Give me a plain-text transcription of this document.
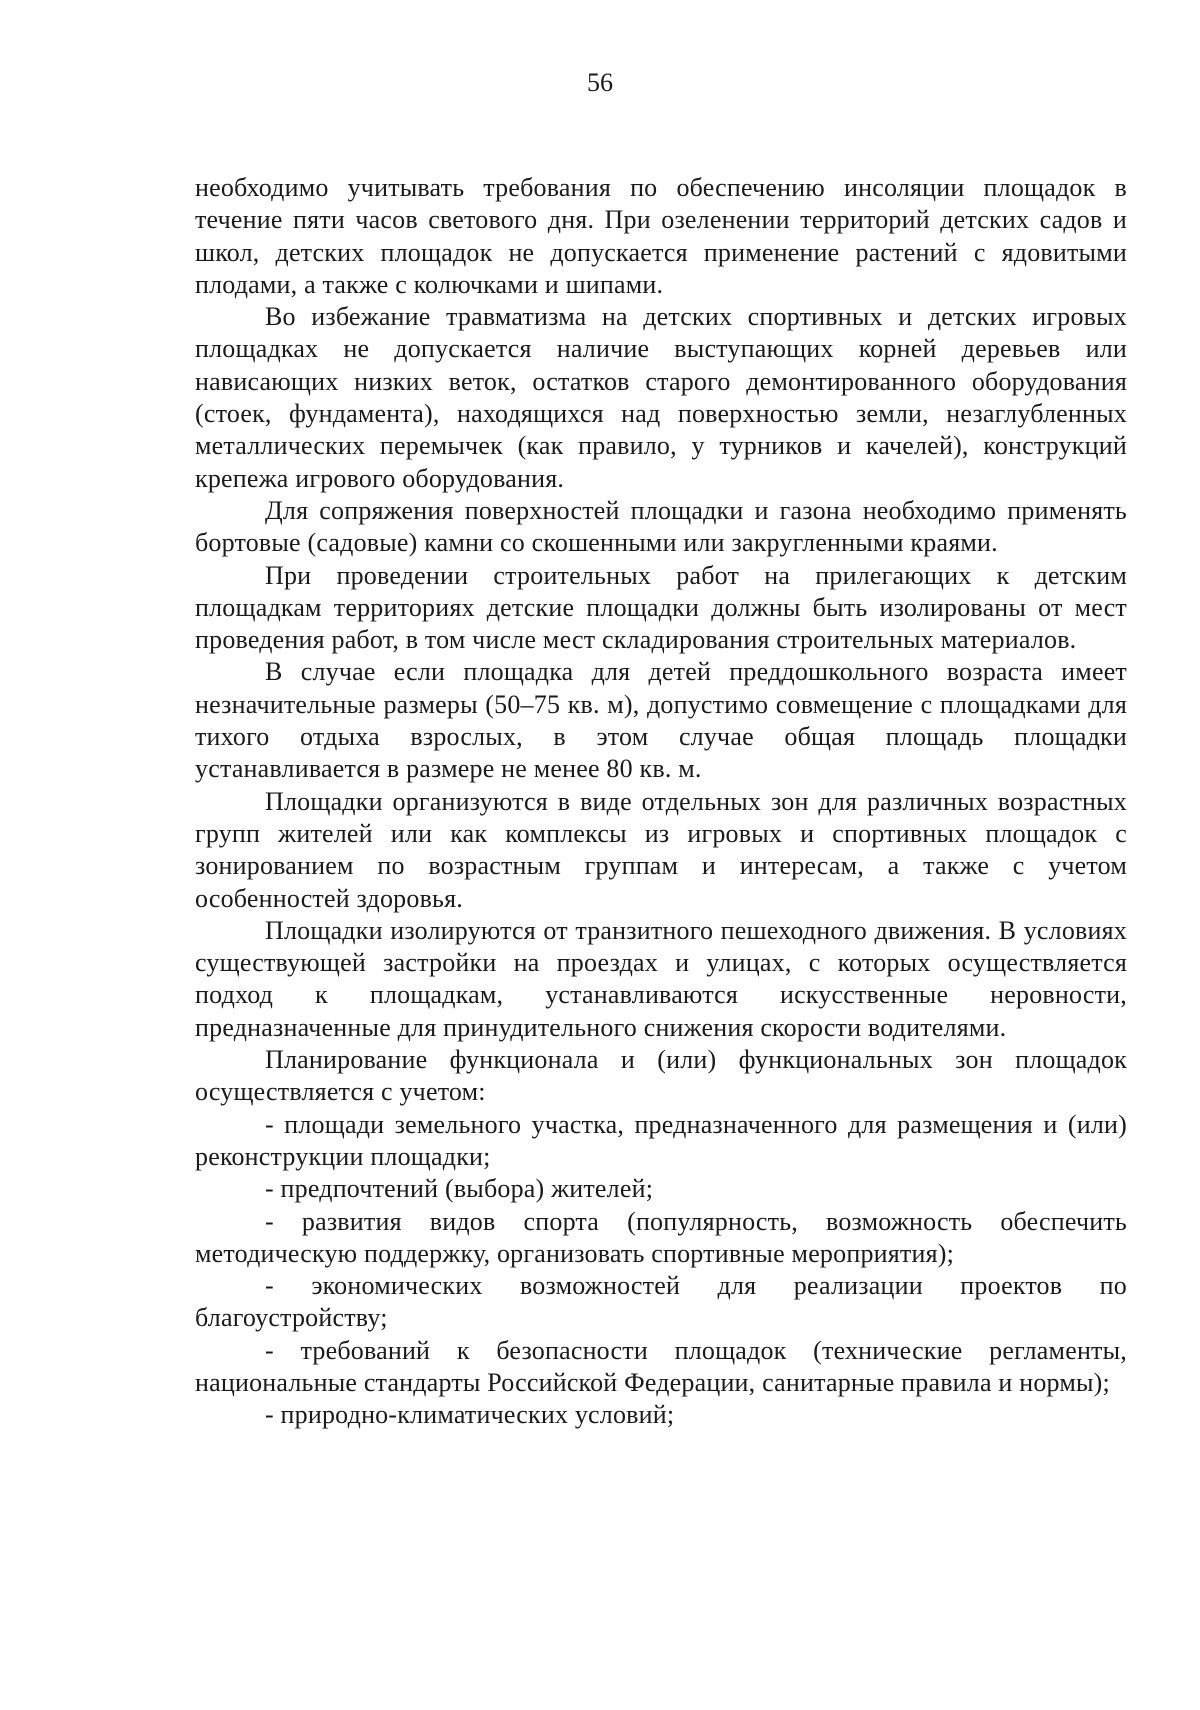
56

необходимо учитывать требования по обеспечению инсоляции площадок в течение пяти часов светового дня. При озеленении территорий детских садов и школ, детских площадок не допускается применение растений с ядовитыми плодами, а также с колючками и шипами.

Во избежание травматизма на детских спортивных и детских игровых площадках не допускается наличие выступающих корней деревьев или нависающих низких веток, остатков старого демонтированного оборудования (стоек, фундамента), находящихся над поверхностью земли, незаглубленных металлических перемычек (как правило, у турников и качелей), конструкций крепежа игрового оборудования.

Для сопряжения поверхностей площадки и газона необходимо применять бортовые (садовые) камни со скошенными или закругленными краями.

При проведении строительных работ на прилегающих к детским площадкам территориях детские площадки должны быть изолированы от мест проведения работ, в том числе мест складирования строительных материалов.

В случае если площадка для детей преддошкольного возраста имеет незначительные размеры (50–75 кв. м), допустимо совмещение с площадками для тихого отдыха взрослых, в этом случае общая площадь площадки устанавливается в размере не менее 80 кв. м.

Площадки организуются в виде отдельных зон для различных возрастных групп жителей или как комплексы из игровых и спортивных площадок с зонированием по возрастным группам и интересам, а также с учетом особенностей здоровья.

Площадки изолируются от транзитного пешеходного движения. В условиях существующей застройки на проездах и улицах, с которых осуществляется подход к площадкам, устанавливаются искусственные неровности, предназначенные для принудительного снижения скорости водителями.

Планирование функционала и (или) функциональных зон площадок осуществляется с учетом:

- площади земельного участка, предназначенного для размещения и (или) реконструкции площадки;

- предпочтений (выбора) жителей;

- развития видов спорта (популярность, возможность обеспечить методическую поддержку, организовать спортивные мероприятия);

- экономических возможностей для реализации проектов по благоустройству;

- требований к безопасности площадок (технические регламенты, национальные стандарты Российской Федерации, санитарные правила и нормы);

- природно-климатических условий;
